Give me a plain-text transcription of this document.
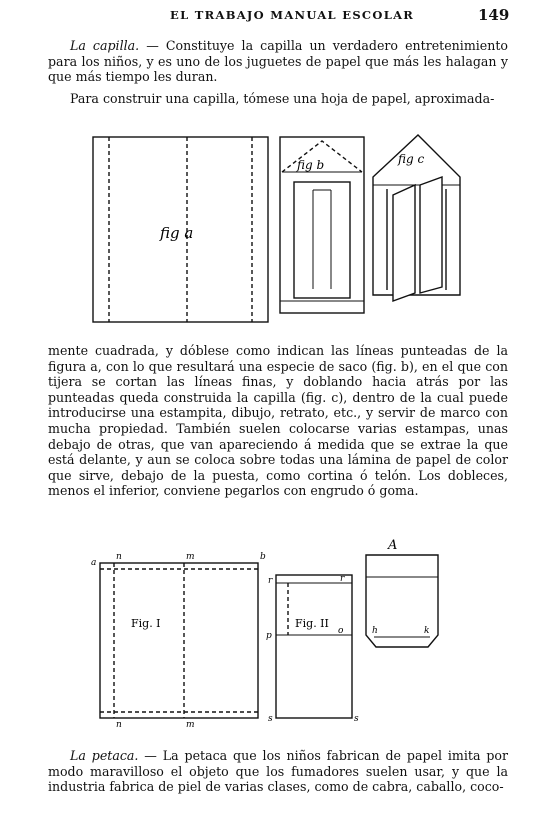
EL TRABAJO MANUAL ESCOLAR	149
La capilla. — Constituye la capilla un verdadero entretenimiento para los niños, y es uno de los juguetes de papel que más les halagan y que más tiempo les duran.
Para construir una capilla, tómese una hoja de papel, aproximada-
fig a
fig b	fig c
mente cuadrada, y dóblese como indican las líneas punteadas de la figura a, con lo que resultará una especie de saco (fig. b), en el que con tijera se cortan las líneas finas, y doblando hacia atrás por las punteadas queda construida la capilla (fig. c), dentro de la cual puede introducirse una estampita, dibujo, retrato, etc., y servir de marco con mucha propiedad. También suelen colocarse varias estampas, unas debajo de otras, que van apareciendo á medida que se extrae la que está delante, y aun se coloca sobre todas una lámina de papel de color que sirve, debajo de la puesta, como cortina ó telón. Los dobleces, menos el inferior, conviene pegarlos con engrudo ó goma.
Fig. I	Fig. II
A
a
n	m	b
n	m
r	r
p	o
s	s
h	k
La petaca. — La petaca que los niños fabrican de papel imita por modo maravilloso el objeto que los fumadores suelen usar, y que la industria fabrica de piel de varias clases, como de cabra, caballo, coco-
